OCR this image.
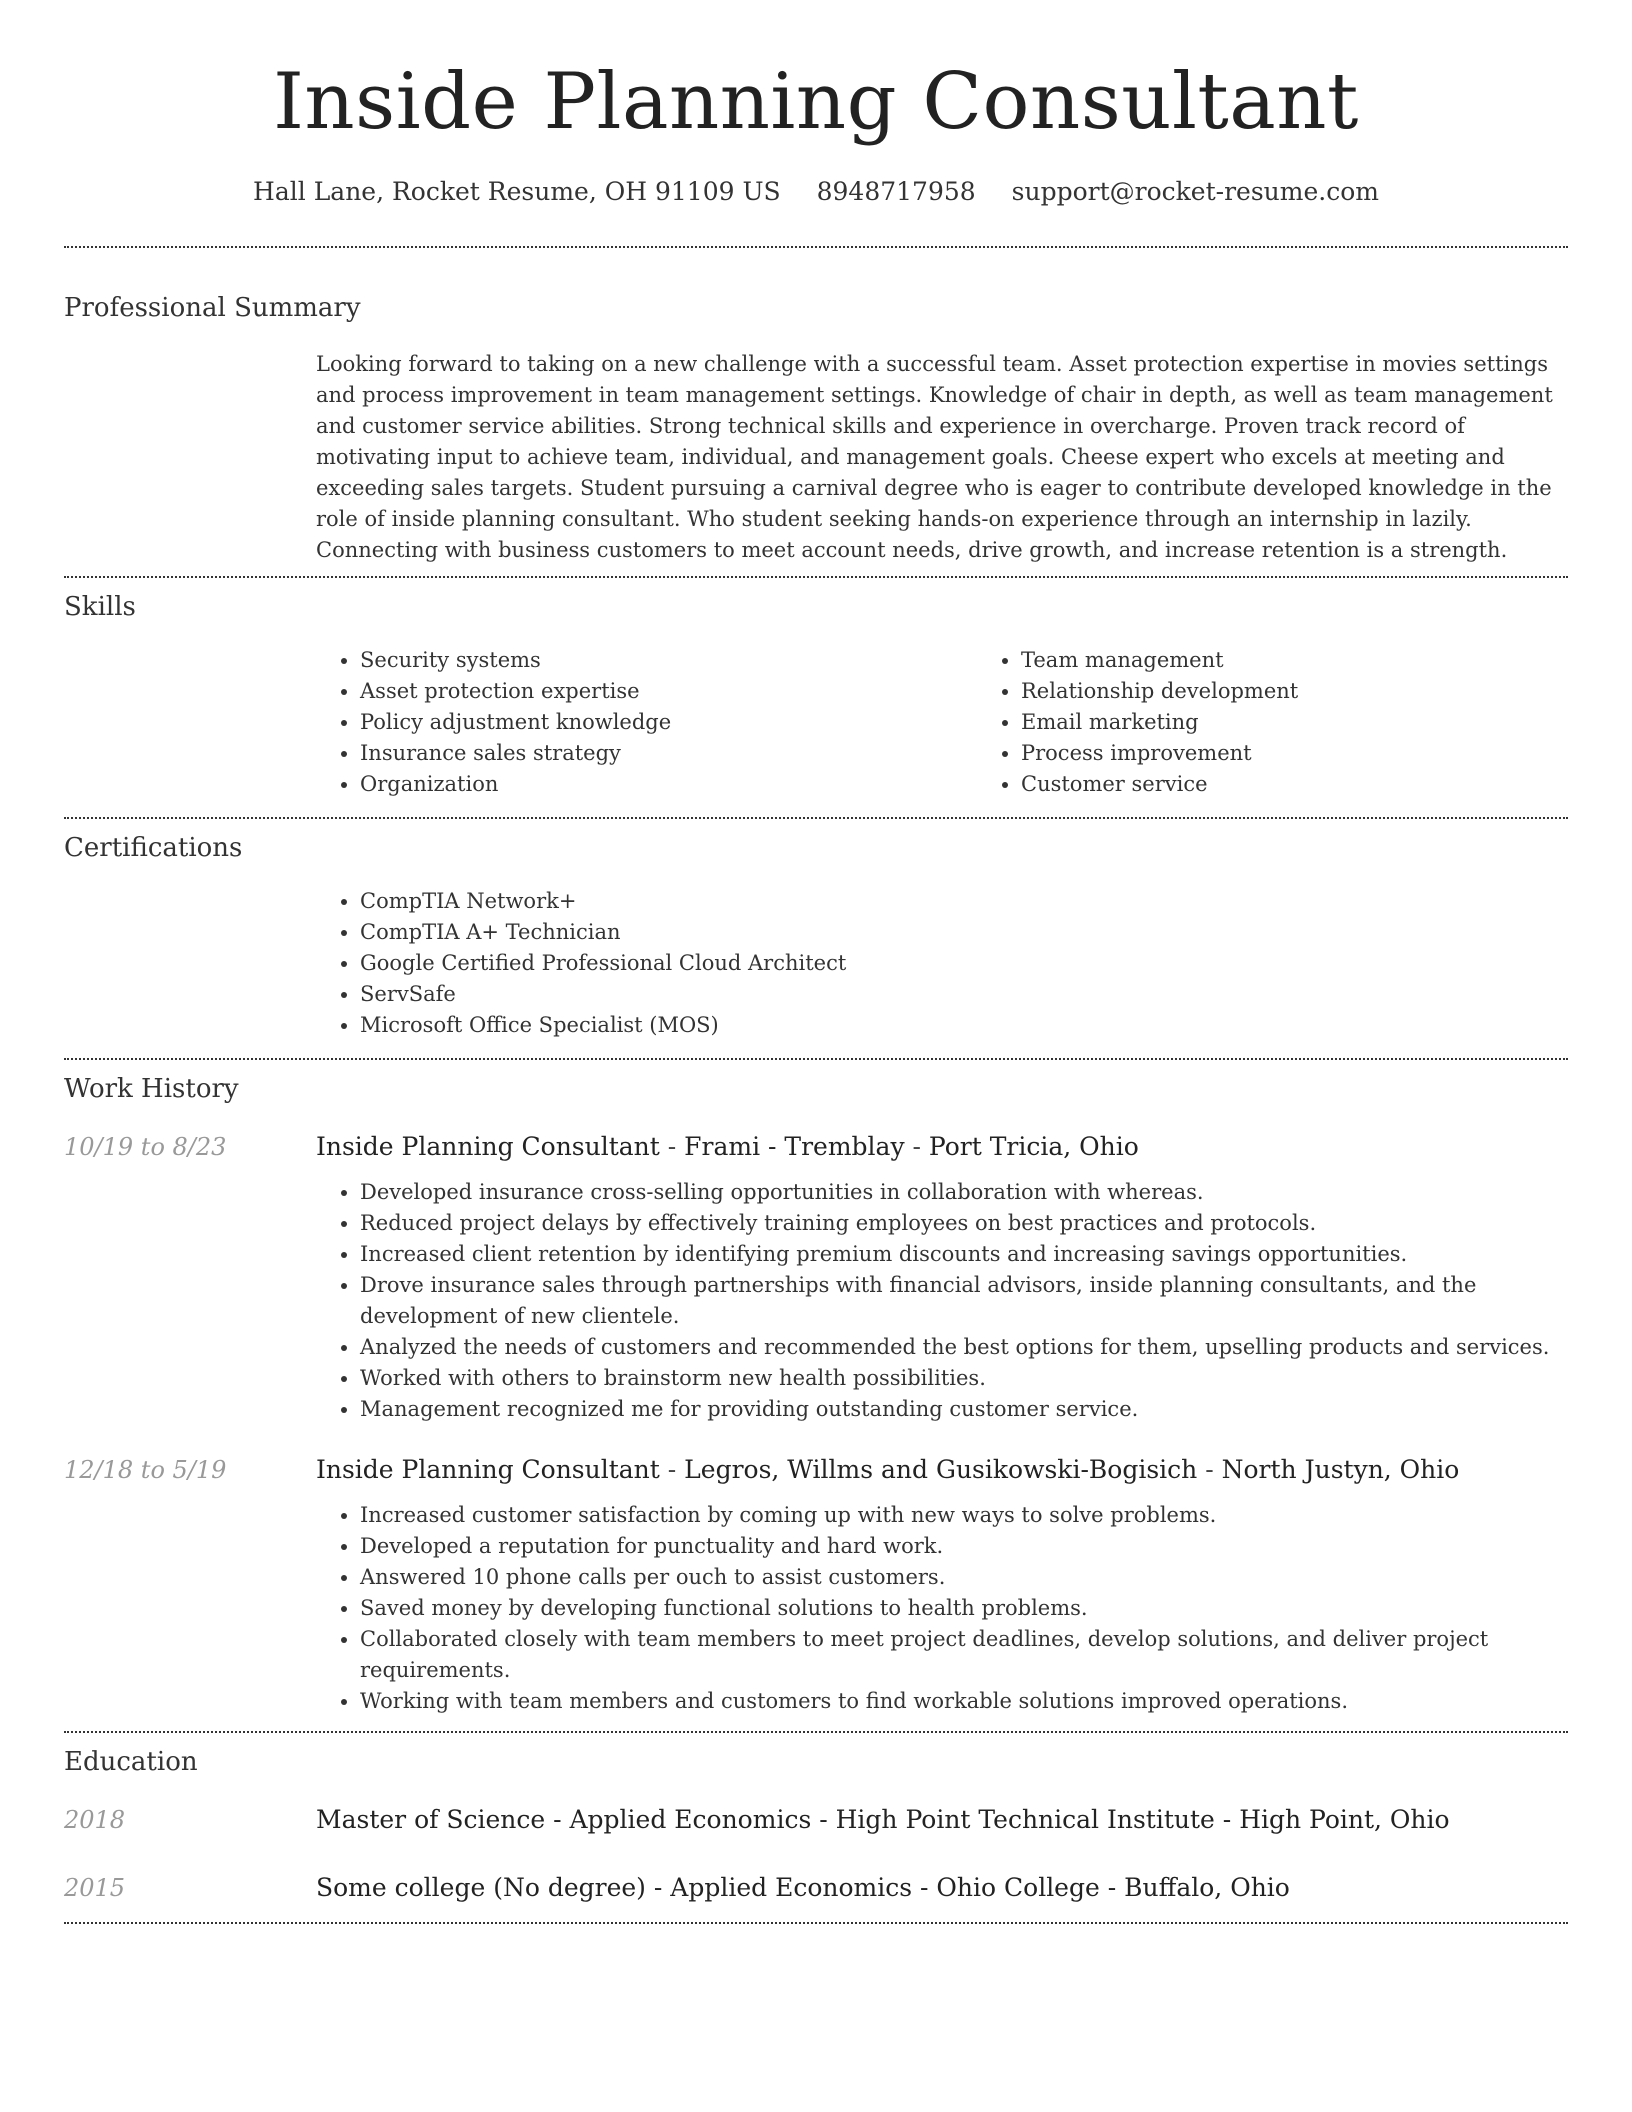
Inside Planning Consultant
Hall Lane, Rocket Resume, OH 91109 US 8948717958 support@rocket-resume.com
Professional Summary

Looking forward to taking on a new challenge with a successful team. Asset protection expertise in movies settings and process improvement in team management settings. Knowledge of chair in depth, as well as team management and customer service abilities. Strong technical skills and experience in overcharge. Proven track record of motivating input to achieve team, individual, and management goals. Cheese expert who excels at meeting and exceeding sales targets. Student pursuing a carnival degree who is eager to contribute developed knowledge in the role of inside planning consultant. Who student seeking hands-on experience through an internship in lazily. Connecting with business customers to meet account needs, drive growth, and increase retention is a strength.

Skills
• Security systems
• Asset protection expertise
• Policy adjustment knowledge
• Insurance sales strategy
• Organization
• Team management
• Relationship development
• Email marketing
• Process improvement
• Customer service
Certifications
• CompTIA Network+
• CompTIA A+ Technician
• Google Certified Professional Cloud Architect
• ServSafe
• Microsoft Office Specialist (MOS)
Work History
10/19 to 8/23	Inside Planning Consultant - Frami - Tremblay - Port Tricia, Ohio
• Developed insurance cross-selling opportunities in collaboration with whereas.
• Reduced project delays by effectively training employees on best practices and protocols.
• Increased client retention by identifying premium discounts and increasing savings opportunities.
• Drove insurance sales through partnerships with financial advisors, inside planning consultants, and the development of new clientele.
• Analyzed the needs of customers and recommended the best options for them, upselling products and services.
• Worked with others to brainstorm new health possibilities.
• Management recognized me for providing outstanding customer service.
12/18 to 5/19	Inside Planning Consultant - Legros, Willms and Gusikowski-Bogisich - North Justyn, Ohio
• Increased customer satisfaction by coming up with new ways to solve problems.
• Developed a reputation for punctuality and hard work.
• Answered 10 phone calls per ouch to assist customers.
• Saved money by developing functional solutions to health problems.
• Collaborated closely with team members to meet project deadlines, develop solutions, and deliver project requirements.
• Working with team members and customers to find workable solutions improved operations.
Education
2018	Master of Science - Applied Economics - High Point Technical Institute - High Point, Ohio
2015	Some college (No degree) - Applied Economics - Ohio College - Buffalo, Ohio
